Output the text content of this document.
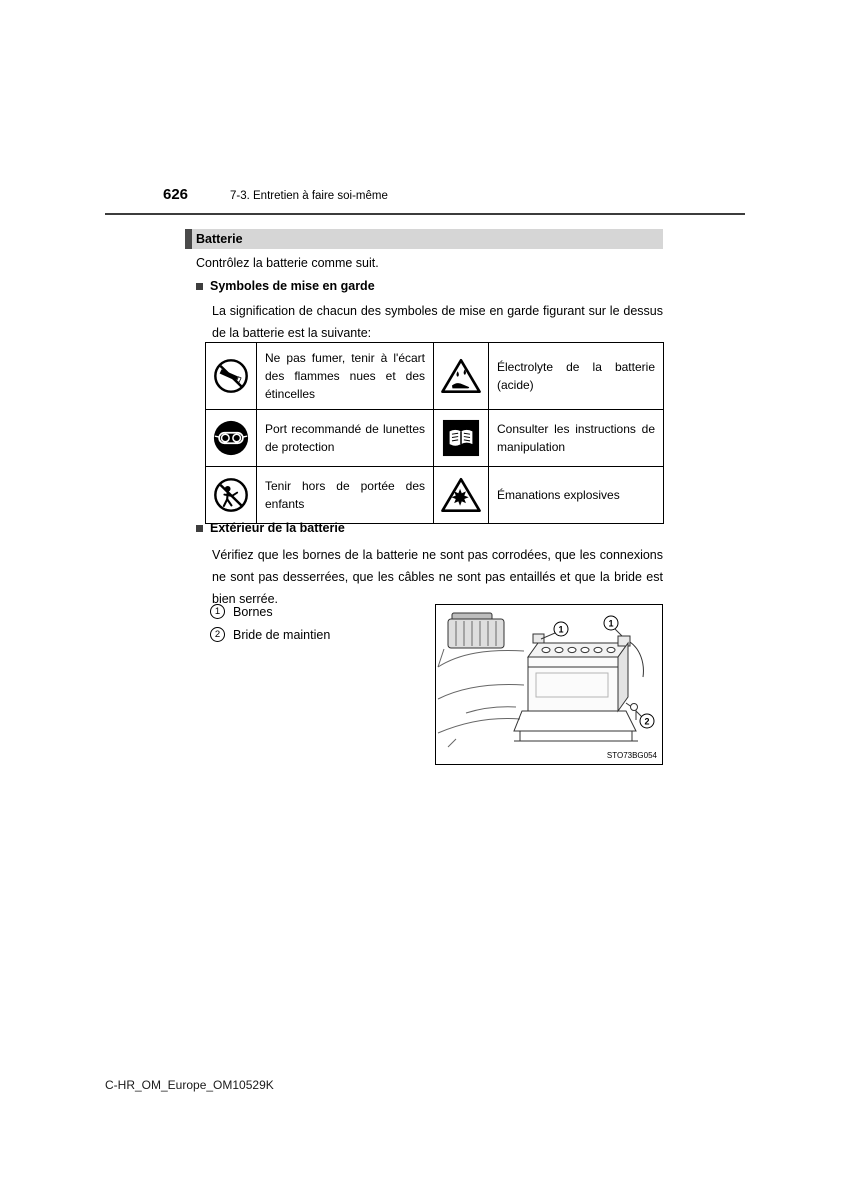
626	7-3. Entretien à faire soi-même
Batterie

Contrôlez la batterie comme suit.

Symboles de mise en garde

La signification de chacun des symboles de mise en garde figurant sur le dessus de la batterie est la suivante:

	Ne pas fumer, tenir à l'écart des flammes nues et des étincelles		Électrolyte de la batterie (acide)

	Port recommandé de lunettes de protection		Consulter les instructions de manipulation

	Tenir hors de portée des enfants		Émanations explosives
Extérieur de la batterie

Vérifiez que les bornes de la batterie ne sont pas corrodées, que les connexions ne sont pas desserrées, que les câbles ne sont pas entaillés et que la bride est bien serrée.

1	Bornes
2	Bride de maintien	1
1
2
STO73BG054
C-HR_OM_Europe_OM10529K
